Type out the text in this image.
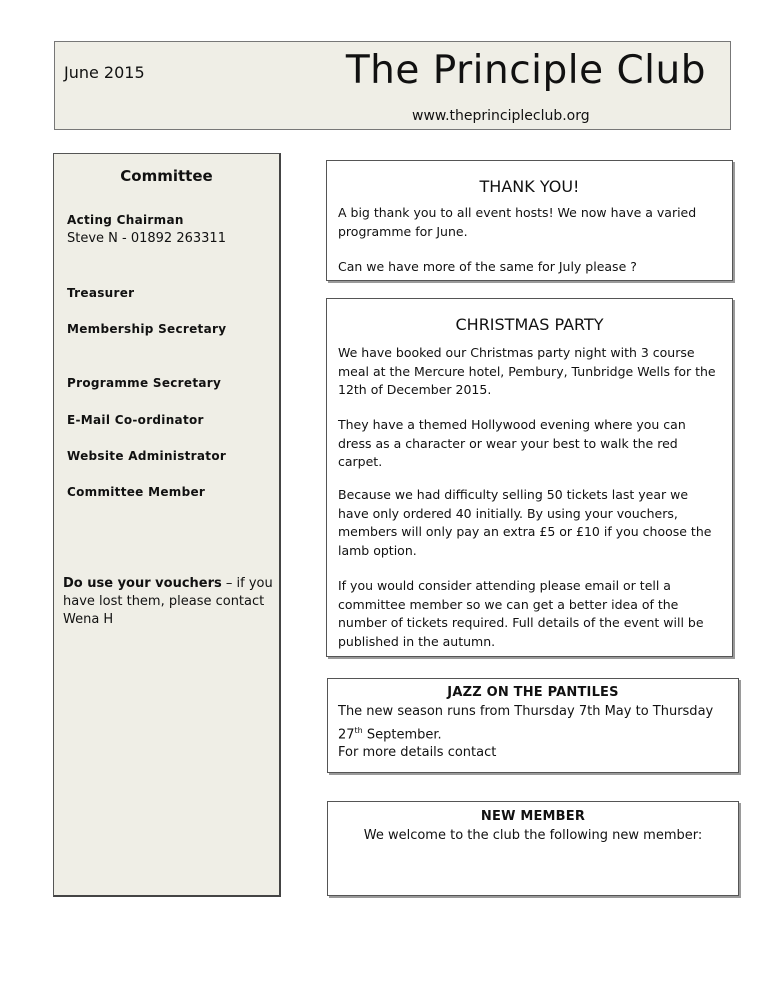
June 2015	The Principle Club
www.theprincipleclub.org
Committee
Acting Chairman
Steve N - 01892 263311
Treasurer
Membership Secretary
Programme Secretary
E-Mail Co-ordinator
Website Administrator
Committee Member
Do use your vouchers – if you have lost them, please contact Wena H
THANK YOU!

A big thank you to all event hosts! We now have a varied programme for June.

Can we have more of the same for July please ?

CHRISTMAS PARTY
We have booked our Christmas party night with 3 course meal at the Mercure hotel, Pembury, Tunbridge Wells for the 12th of December 2015.
They have a themed Hollywood evening where you can dress as a character or wear your best to walk the red carpet.
Because we had difficulty selling 50 tickets last year we have only ordered 40 initially. By using your vouchers, members will only pay an extra £5 or £10 if you choose the lamb option.
If you would consider attending please email or tell a committee member so we can get a better idea of the number of tickets required. Full details of the event will be published in the autumn.
JAZZ ON THE PANTILES
The new season runs from Thursday 7th May to Thursday
27th September.
For more details contact
NEW MEMBER
We welcome to the club the following new member:
